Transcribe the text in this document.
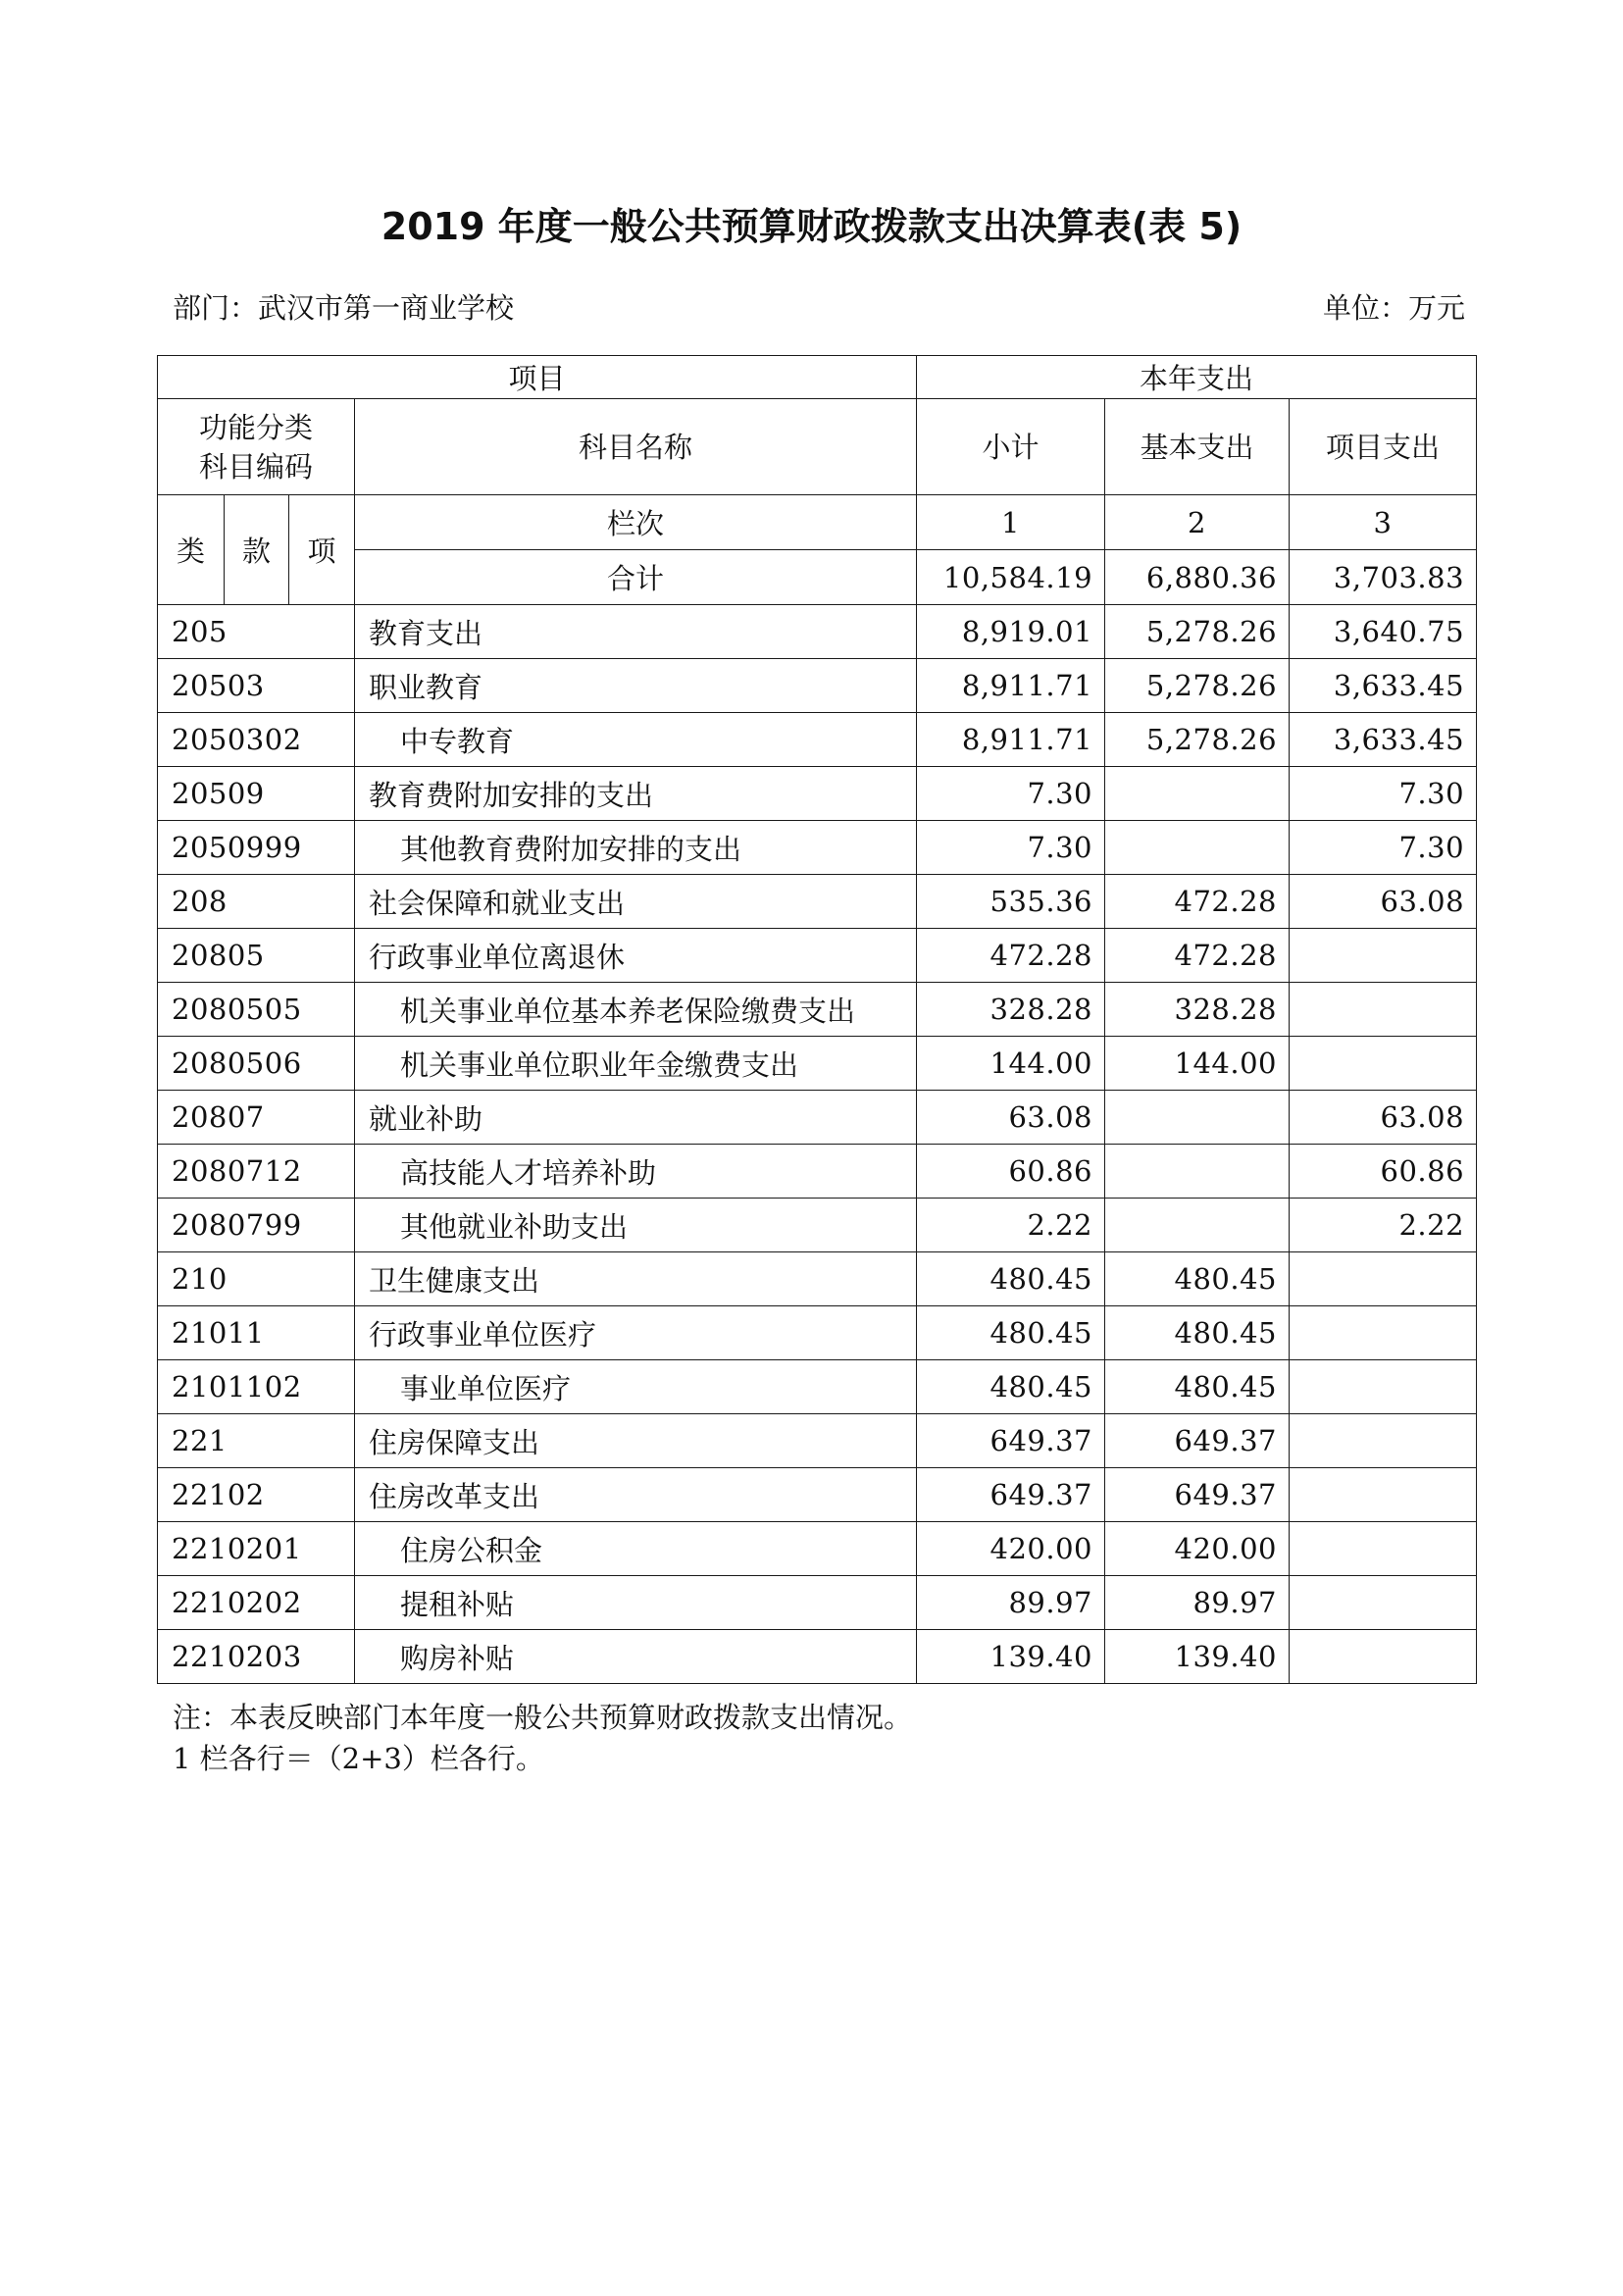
2019 年度一般公共预算财政拨款支出决算表(表 5)
部门：武汉市第一商业学校	单位：万元
项目				本年支出		

功能分类
科目编码			科目名称	小计	基本支出	项目支出
类	款	项	栏次	1	2	3
			合计	10,584.19	6,880.36	3,703.83
205			教育支出	8,919.01	5,278.26	3,640.75
20503			职业教育	8,911.71	5,278.26	3,633.45
2050302			中专教育	8,911.71	5,278.26	3,633.45
20509			教育费附加安排的支出	7.30		7.30
2050999			其他教育费附加安排的支出	7.30		7.30
208			社会保障和就业支出	535.36	472.28	63.08
20805			行政事业单位离退休	472.28	472.28	
2080505			机关事业单位基本养老保险缴费支出	328.28	328.28	
2080506			机关事业单位职业年金缴费支出	144.00	144.00	
20807			就业补助	63.08		63.08
2080712			高技能人才培养补助	60.86		60.86
2080799			其他就业补助支出	2.22		2.22
210			卫生健康支出	480.45	480.45	
21011			行政事业单位医疗	480.45	480.45	
2101102			事业单位医疗	480.45	480.45	
221			住房保障支出	649.37	649.37	
22102			住房改革支出	649.37	649.37	
2210201			住房公积金	420.00	420.00	
2210202			提租补贴	89.97	89.97	
2210203			购房补贴	139.40	139.40	
注：本表反映部门本年度一般公共预算财政拨款支出情况。
1 栏各行＝（2+3）栏各行。
